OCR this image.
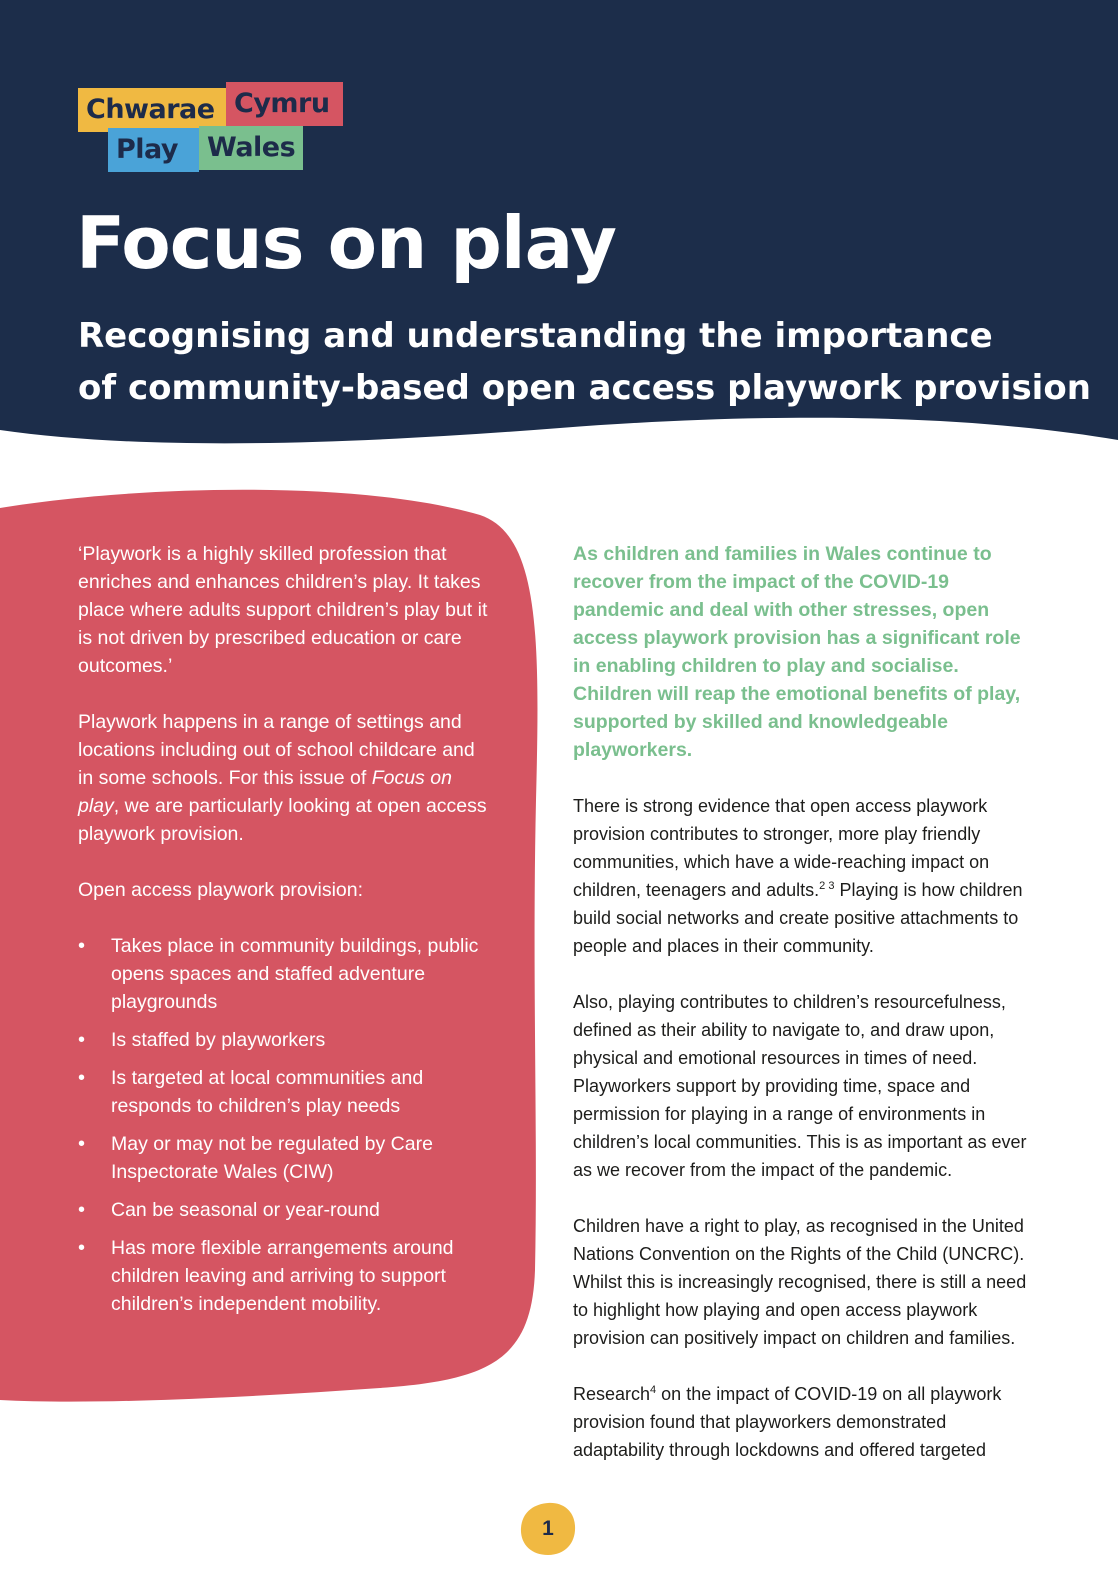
Chwarae Cymru
Play	Wales
Focus on play
Recognising and understanding the importance
of community-based open access playwork provision

‘Playwork is a highly skilled profession that enriches and enhances children’s play. It takes place where adults support children’s play but it is not driven by prescribed education or care outcomes.’

Playwork happens in a range of settings and locations including out of school childcare and in some schools. For this issue of Focus on play, we are particularly looking at open access playwork provision.

Open access playwork provision:

• Takes place in community buildings, public opens spaces and staffed adventure playgrounds
• Is staffed by playworkers
• Is targeted at local communities and responds to children’s play needs
• May or may not be regulated by Care Inspectorate Wales (CIW)
• Can be seasonal or year-round
• Has more flexible arrangements around children leaving and arriving to support children’s independent mobility.

As children and families in Wales continue to recover from the impact of the COVID-19 pandemic and deal with other stresses, open access playwork provision has a significant role in enabling children to play and socialise. Children will reap the emotional benefits of play, supported by skilled and knowledgeable playworkers.

There is strong evidence that open access playwork provision contributes to stronger, more play friendly communities, which have a wide-reaching impact on children, teenagers and adults.$^{2 3}$ Playing is how children build social networks and create positive attachments to people and places in their community.

Also, playing contributes to children’s resourcefulness, defined as their ability to navigate to, and draw upon, physical and emotional resources in times of need. Playworkers support by providing time, space and permission for playing in a range of environments in children’s local communities. This is as important as ever as we recover from the impact of the pandemic.

Children have a right to play, as recognised in the United Nations Convention on the Rights of the Child (UNCRC). Whilst this is increasingly recognised, there is still a need to highlight how playing and open access playwork provision can positively impact on children and families.

Research$^4$ on the impact of COVID-19 on all playwork provision found that playworkers demonstrated adaptability through lockdowns and offered targeted

1
